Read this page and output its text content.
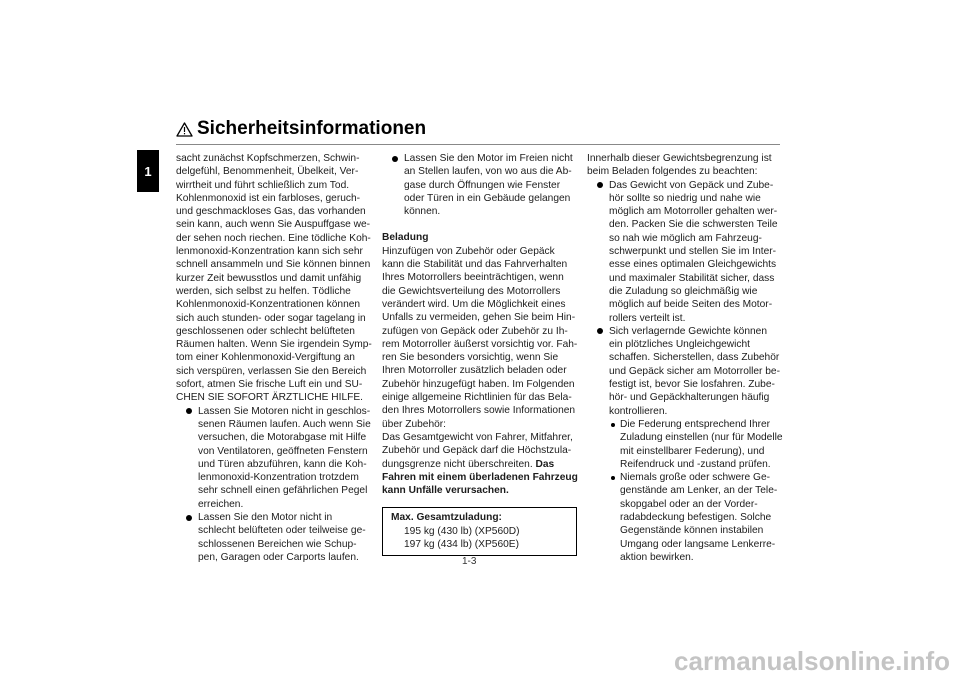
1
Sicherheitsinformationen

sacht zunächst Kopfschmerzen, Schwin-
delgefühl, Benommenheit, Übelkeit, Ver-
wirrtheit und führt schließlich zum Tod.
Kohlenmonoxid ist ein farbloses, geruch-
und geschmackloses Gas, das vorhanden
sein kann, auch wenn Sie Auspuffgase we-
der sehen noch riechen. Eine tödliche Koh-
lenmonoxid-Konzentration kann sich sehr
schnell ansammeln und Sie können binnen
kurzer Zeit bewusstlos und damit unfähig
werden, sich selbst zu helfen. Tödliche
Kohlenmonoxid-Konzentrationen können
sich auch stunden- oder sogar tagelang in
geschlossenen oder schlecht belüfteten
Räumen halten. Wenn Sie irgendein Symp-
tom einer Kohlenmonoxid-Vergiftung an
sich verspüren, verlassen Sie den Bereich
sofort, atmen Sie frische Luft ein und SU-
CHEN SIE SOFORT ÄRZTLICHE HILFE.

Lassen Sie Motoren nicht in geschlos-
senen Räumen laufen. Auch wenn Sie
versuchen, die Motorabgase mit Hilfe
von Ventilatoren, geöffneten Fenstern
und Türen abzuführen, kann die Koh-
lenmonoxid-Konzentration trotzdem
sehr schnell einen gefährlichen Pegel
erreichen.

Lassen Sie den Motor nicht in
schlecht belüfteten oder teilweise ge-
schlossenen Bereichen wie Schup-
pen, Garagen oder Carports laufen.

Lassen Sie den Motor im Freien nicht
an Stellen laufen, von wo aus die Ab-
gase durch Öffnungen wie Fenster
oder Türen in ein Gebäude gelangen
können.

Beladung

Hinzufügen von Zubehör oder Gepäck
kann die Stabilität und das Fahrverhalten
Ihres Motorrollers beeinträchtigen, wenn
die Gewichtsverteilung des Motorrollers
verändert wird. Um die Möglichkeit eines
Unfalls zu vermeiden, gehen Sie beim Hin-
zufügen von Gepäck oder Zubehör zu Ih-
rem Motorroller äußerst vorsichtig vor. Fah-
ren Sie besonders vorsichtig, wenn Sie
Ihren Motorroller zusätzlich beladen oder
Zubehör hinzugefügt haben. Im Folgenden
einige allgemeine Richtlinien für das Bela-
den Ihres Motorrollers sowie Informationen
über Zubehör:
Das Gesamtgewicht von Fahrer, Mitfahrer,
Zubehör und Gepäck darf die Höchstzula-

dungsgrenze nicht überschreiten. Das

Fahren mit einem überladenen Fahrzeug
kann Unfälle verursachen.

Max. Gesamtzuladung:
195 kg (430 lb) (XP560D)
197 kg (434 lb) (XP560E)

Innerhalb dieser Gewichtsbegrenzung ist
beim Beladen folgendes zu beachten:

Das Gewicht von Gepäck und Zube-
hör sollte so niedrig und nahe wie
möglich am Motorroller gehalten wer-
den. Packen Sie die schwersten Teile
so nah wie möglich am Fahrzeug-
schwerpunkt und stellen Sie im Inter-
esse eines optimalen Gleichgewichts
und maximaler Stabilität sicher, dass
die Zuladung so gleichmäßig wie
möglich auf beide Seiten des Motor-
rollers verteilt ist.

Sich verlagernde Gewichte können
ein plötzliches Ungleichgewicht
schaffen. Sicherstellen, dass Zubehör
und Gepäck sicher am Motorroller be-
festigt ist, bevor Sie losfahren. Zube-
hör- und Gepäckhalterungen häufig
kontrollieren.

Die Federung entsprechend Ihrer
Zuladung einstellen (nur für Modelle
mit einstellbarer Federung), und
Reifendruck und -zustand prüfen.

Niemals große oder schwere Ge-
genstände am Lenker, an der Tele-
skopgabel oder an der Vorder-
radabdeckung befestigen. Solche
Gegenstände können instabilen
Umgang oder langsame Lenkerre-
aktion bewirken.

1-3
carmanualsonline.info
